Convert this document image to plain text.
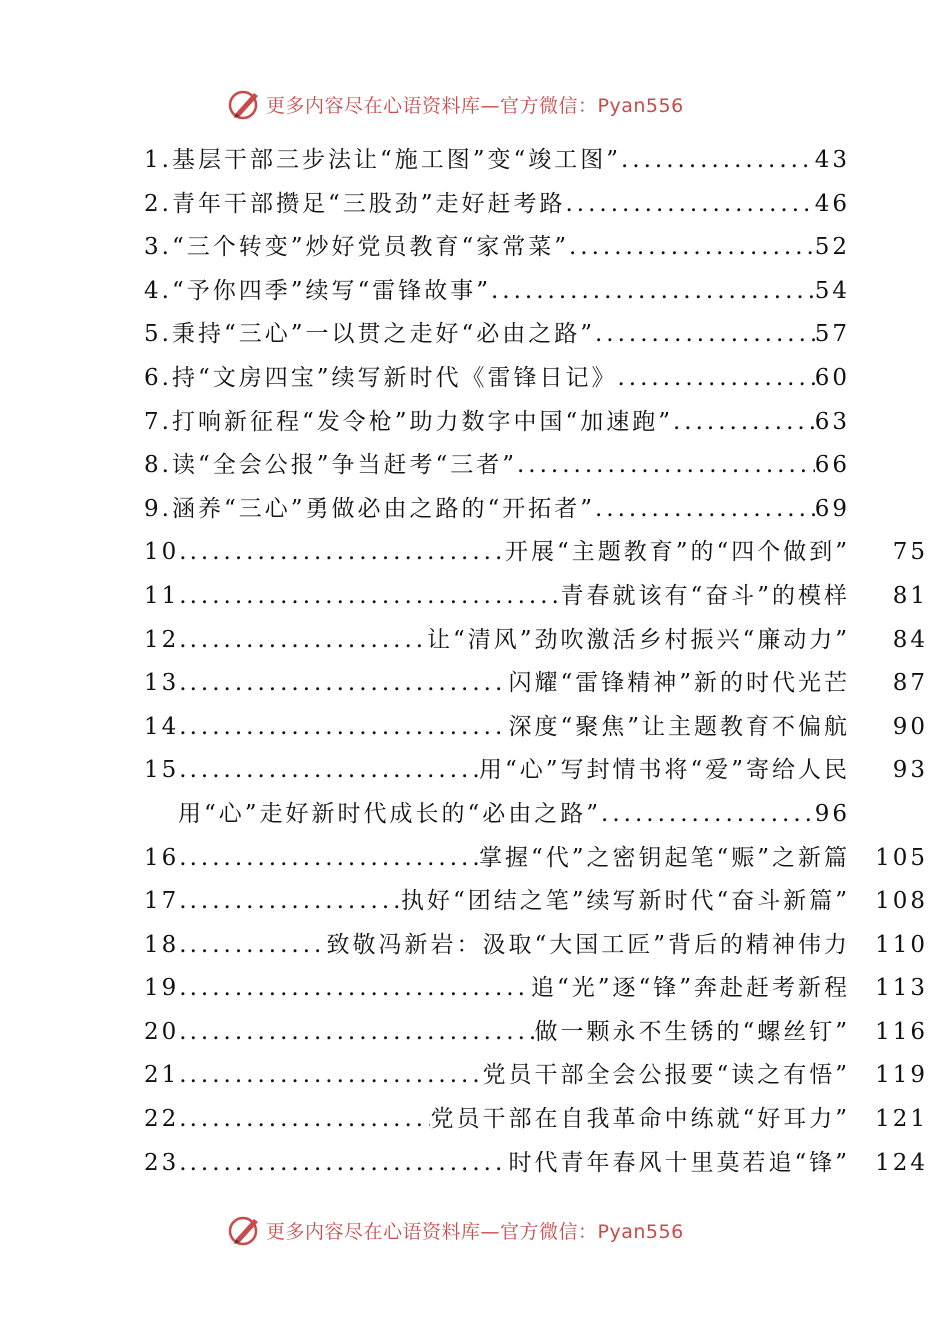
更多内容尽在心语资料库—官方微信：Pyan556
1. 基层干部三步法让“施工图”变“竣工图” .....	43
2. 青年干部攒足“三股劲”走好赶考路 .....	46
3. “三个转变”炒好党员教育“家常菜” .....	52
4. “予你四季”续写“雷锋故事” .....	54
5. 秉持“三心”一以贯之走好“必由之路” .....	57
6. 持“文房四宝”续写新时代《雷锋日记》 .....	60
7. 打响新征程“发令枪”助力数字中国“加速跑” .....	63
8. 读“全会公报”争当赶考“三者” .....	66
9. 涵养“三心”勇做必由之路的“开拓者” .....	69
10. .....	开展“主题教育”的“四个做到”	75
11. .....	青春就该有“奋斗”的模样	81
12. .....	让“清风”劲吹激活乡村振兴“廉动力”	84
13. .....	闪耀“雷锋精神”新的时代光芒	87
14. .....	深度“聚焦”让主题教育不偏航	90
15. .....	用“心”写封情书将“爱”寄给人民	93
用“心”走好新时代成长的“必由之路” .....	96
16. .....	掌握“代”之密钥起笔“赈”之新篇	105
17. .....	执好“团结之笔”续写新时代“奋斗新篇”	108
18. .....	致敬冯新岩：汲取“大国工匠”背后的精神伟力	110
19. .....	追“光”逐“锋”奔赴赶考新程	113
20. .....	做一颗永不生锈的“螺丝钉”	116
21. .....	党员干部全会公报要“读之有悟”	119
22. .....	党员干部在自我革命中练就“好耳力”	121
23. .....	时代青年春风十里莫若追“锋”	124
更多内容尽在心语资料库—官方微信：Pyan556
